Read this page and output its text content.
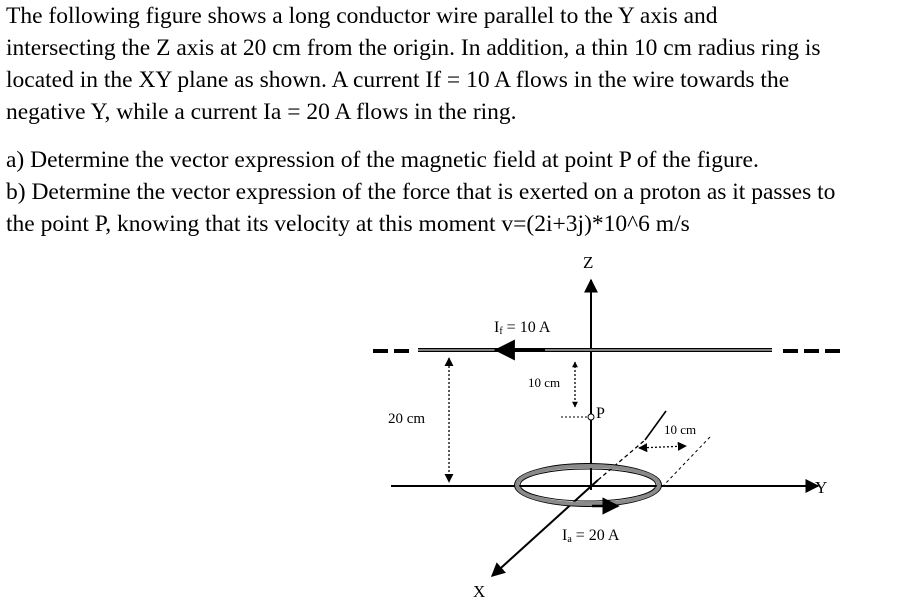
The following figure shows a long conductor wire parallel to the Y axis and
intersecting the Z axis at 20 cm from the origin. In addition, a thin 10 cm radius ring is
located in the XY plane as shown. A current If = 10 A flows in the wire towards the
negative Y, while a current Ia = 20 A flows in the ring.
a) Determine the vector expression of the magnetic field at point P of the figure.
b) Determine the vector expression of the force that is exerted on a proton as it passes to
the point P, knowing that its velocity at this moment v=(2i+3j)*10^6 m/s
Z
Y
X
If = 10 A
20 cm
10 cm
P
Ia = 20 A
10 cm
